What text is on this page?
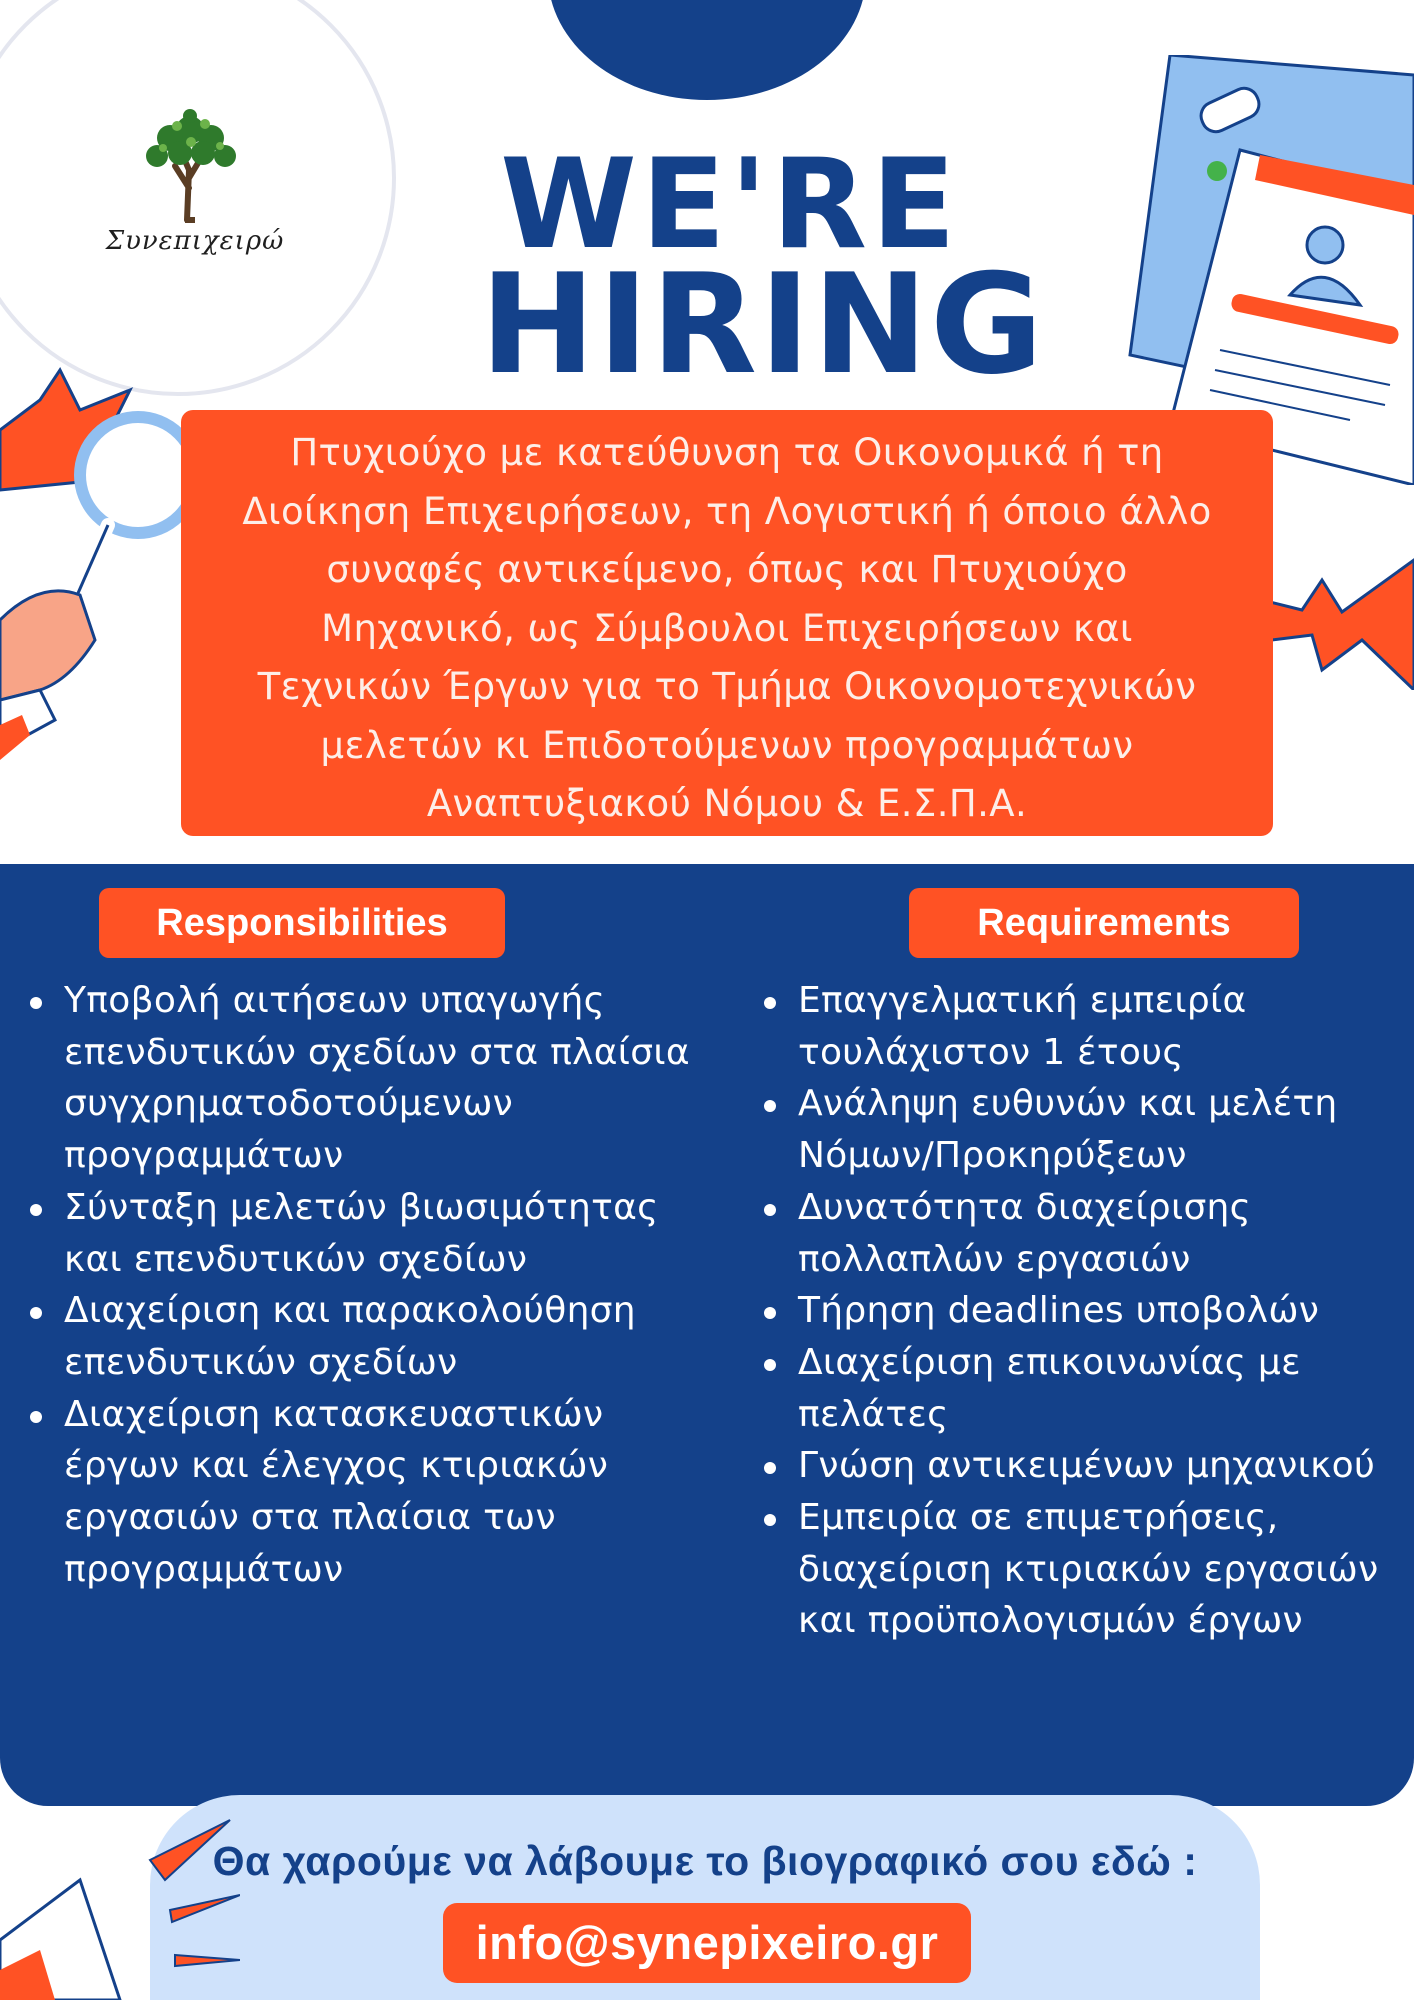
Συνεπιχειρώ WE'RE
HIRING
Πτυχιούχο με κατεύθυνση τα Οικονομικά ή τη
Διοίκηση Επιχειρήσεων, τη Λογιστική ή όποιο άλλο
συναφές αντικείμενο, όπως και Πτυχιούχο
Μηχανικό, ως Σύμβουλοι Επιχειρήσεων και
Τεχνικών Έργων για το Τμήμα Οικονομοτεχνικών
μελετών κι Επιδοτούμενων προγραμμάτων
Αναπτυξιακού Νόμου & Ε.Σ.Π.Α.
Responsibilities	Requirements
Υποβολή αιτήσεων υπαγωγής επενδυτικών σχεδίων στα πλαίσια συγχρηματοδοτούμενων προγραμμάτων
Σύνταξη μελετών βιωσιμότητας και επενδυτικών σχεδίων
Διαχείριση και παρακολούθηση επενδυτικών σχεδίων
Διαχείριση κατασκευαστικών έργων και έλεγχος κτιριακών εργασιών στα πλαίσια των προγραμμάτων
Επαγγελματική εμπειρία τουλάχιστον 1 έτους
Ανάληψη ευθυνών και μελέτη Νόμων/Προκηρύξεων
Δυνατότητα διαχείρισης πολλαπλών εργασιών
Τήρηση deadlines υποβολών
Διαχείριση επικοινωνίας με πελάτες
Γνώση αντικειμένων μηχανικού
Εμπειρία σε επιμετρήσεις, διαχείριση κτιριακών εργασιών και προϋπολογισμών έργων
Θα χαρούμε να λάβουμε το βιογραφικό σου εδώ :
info@synepixeiro.gr
